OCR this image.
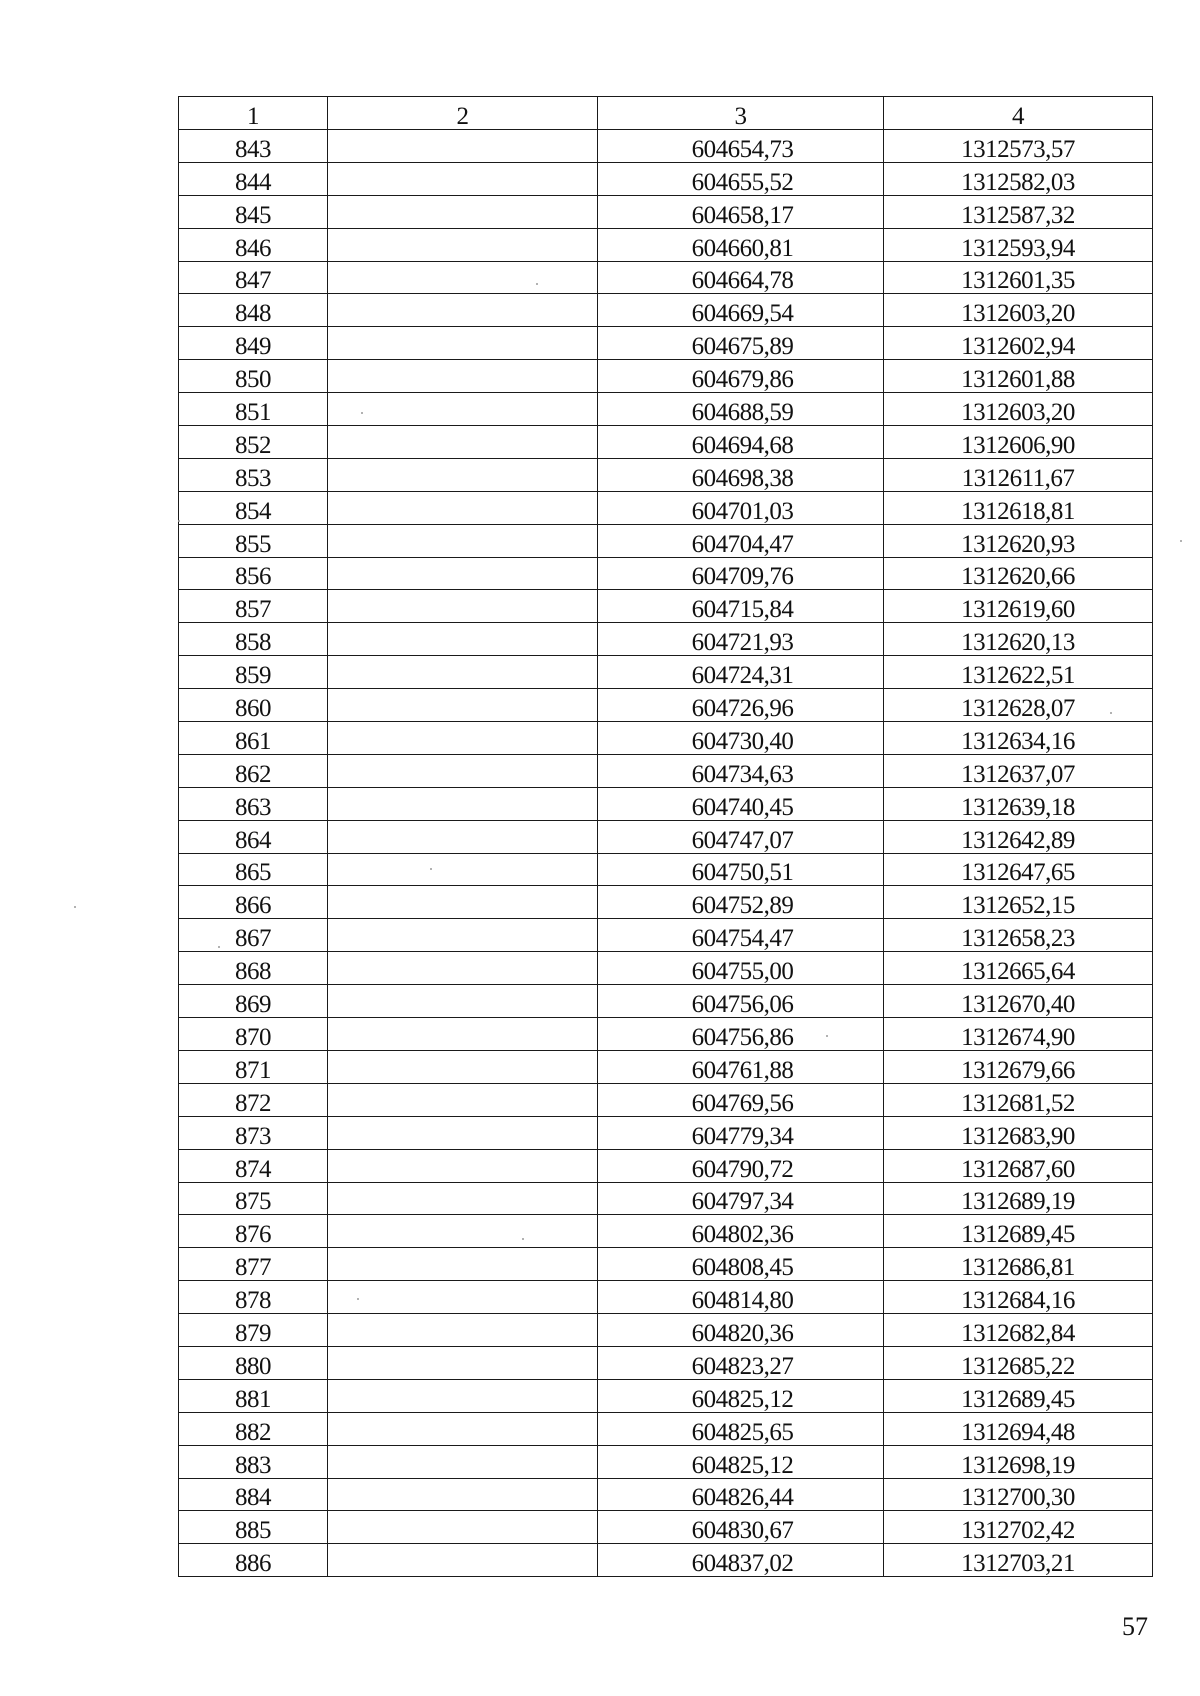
1	2	3	4
843		604654,73	1312573,57
844		604655,52	1312582,03
845		604658,17	1312587,32
846		604660,81	1312593,94
847		604664,78	1312601,35
848		604669,54	1312603,20
849		604675,89	1312602,94
850		604679,86	1312601,88
851		604688,59	1312603,20
852		604694,68	1312606,90
853		604698,38	1312611,67
854		604701,03	1312618,81
855		604704,47	1312620,93
856		604709,76	1312620,66
857		604715,84	1312619,60
858		604721,93	1312620,13
859		604724,31	1312622,51
860		604726,96	1312628,07
861		604730,40	1312634,16
862		604734,63	1312637,07
863		604740,45	1312639,18
864		604747,07	1312642,89
865		604750,51	1312647,65
866		604752,89	1312652,15
867		604754,47	1312658,23
868		604755,00	1312665,64
869		604756,06	1312670,40
870		604756,86	1312674,90
871		604761,88	1312679,66
872		604769,56	1312681,52
873		604779,34	1312683,90
874		604790,72	1312687,60
875		604797,34	1312689,19
876		604802,36	1312689,45
877		604808,45	1312686,81
878		604814,80	1312684,16
879		604820,36	1312682,84
880		604823,27	1312685,22
881		604825,12	1312689,45
882		604825,65	1312694,48
883		604825,12	1312698,19
884		604826,44	1312700,30
885		604830,67	1312702,42
886		604837,02	1312703,21
57
